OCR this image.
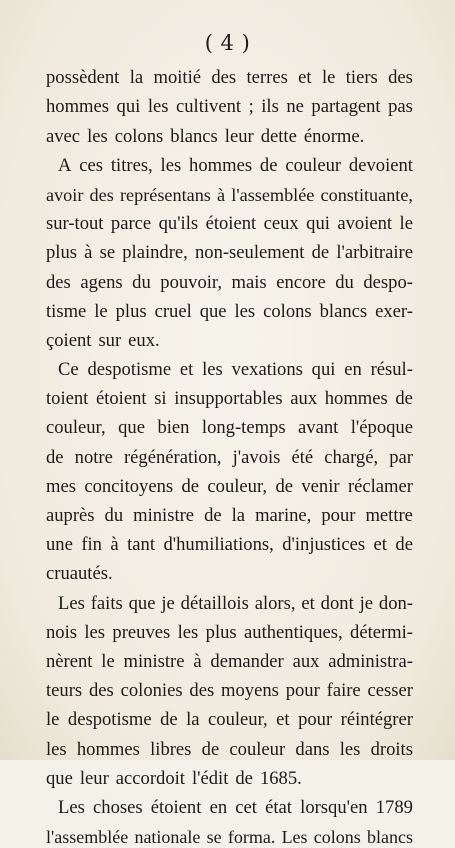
( 4 )
possèdent la moitié des terres et le tiers des
hommes qui les cultivent ; ils ne partagent pas
avec les colons blancs leur dette énorme.
A ces titres, les hommes de couleur devoient
avoir des représentans à l'assemblée constituante,
sur-tout parce qu'ils étoient ceux qui avoient le
plus à se plaindre, non-seulement de l'arbitraire
des agens du pouvoir, mais encore du despo-
tisme le plus cruel que les colons blancs exer-
çoient sur eux.
Ce despotisme et les vexations qui en résul-
toient étoient si insupportables aux hommes de
couleur, que bien long-temps avant l'époque
de notre régénération, j'avois été chargé, par
mes concitoyens de couleur, de venir réclamer
auprès du ministre de la marine, pour mettre
une fin à tant d'humiliations, d'injustices et de
cruautés.
Les faits que je détaillois alors, et dont je don-
nois les preuves les plus authentiques, détermi-
nèrent le ministre à demander aux administra-
teurs des colonies des moyens pour faire cesser
le despotisme de la couleur, et pour réintégrer
les hommes libres de couleur dans les droits
que leur accordoit l'édit de 1685.
Les choses étoient en cet état lorsqu'en 1789
l'assemblée nationale se forma. Les colons blancs
